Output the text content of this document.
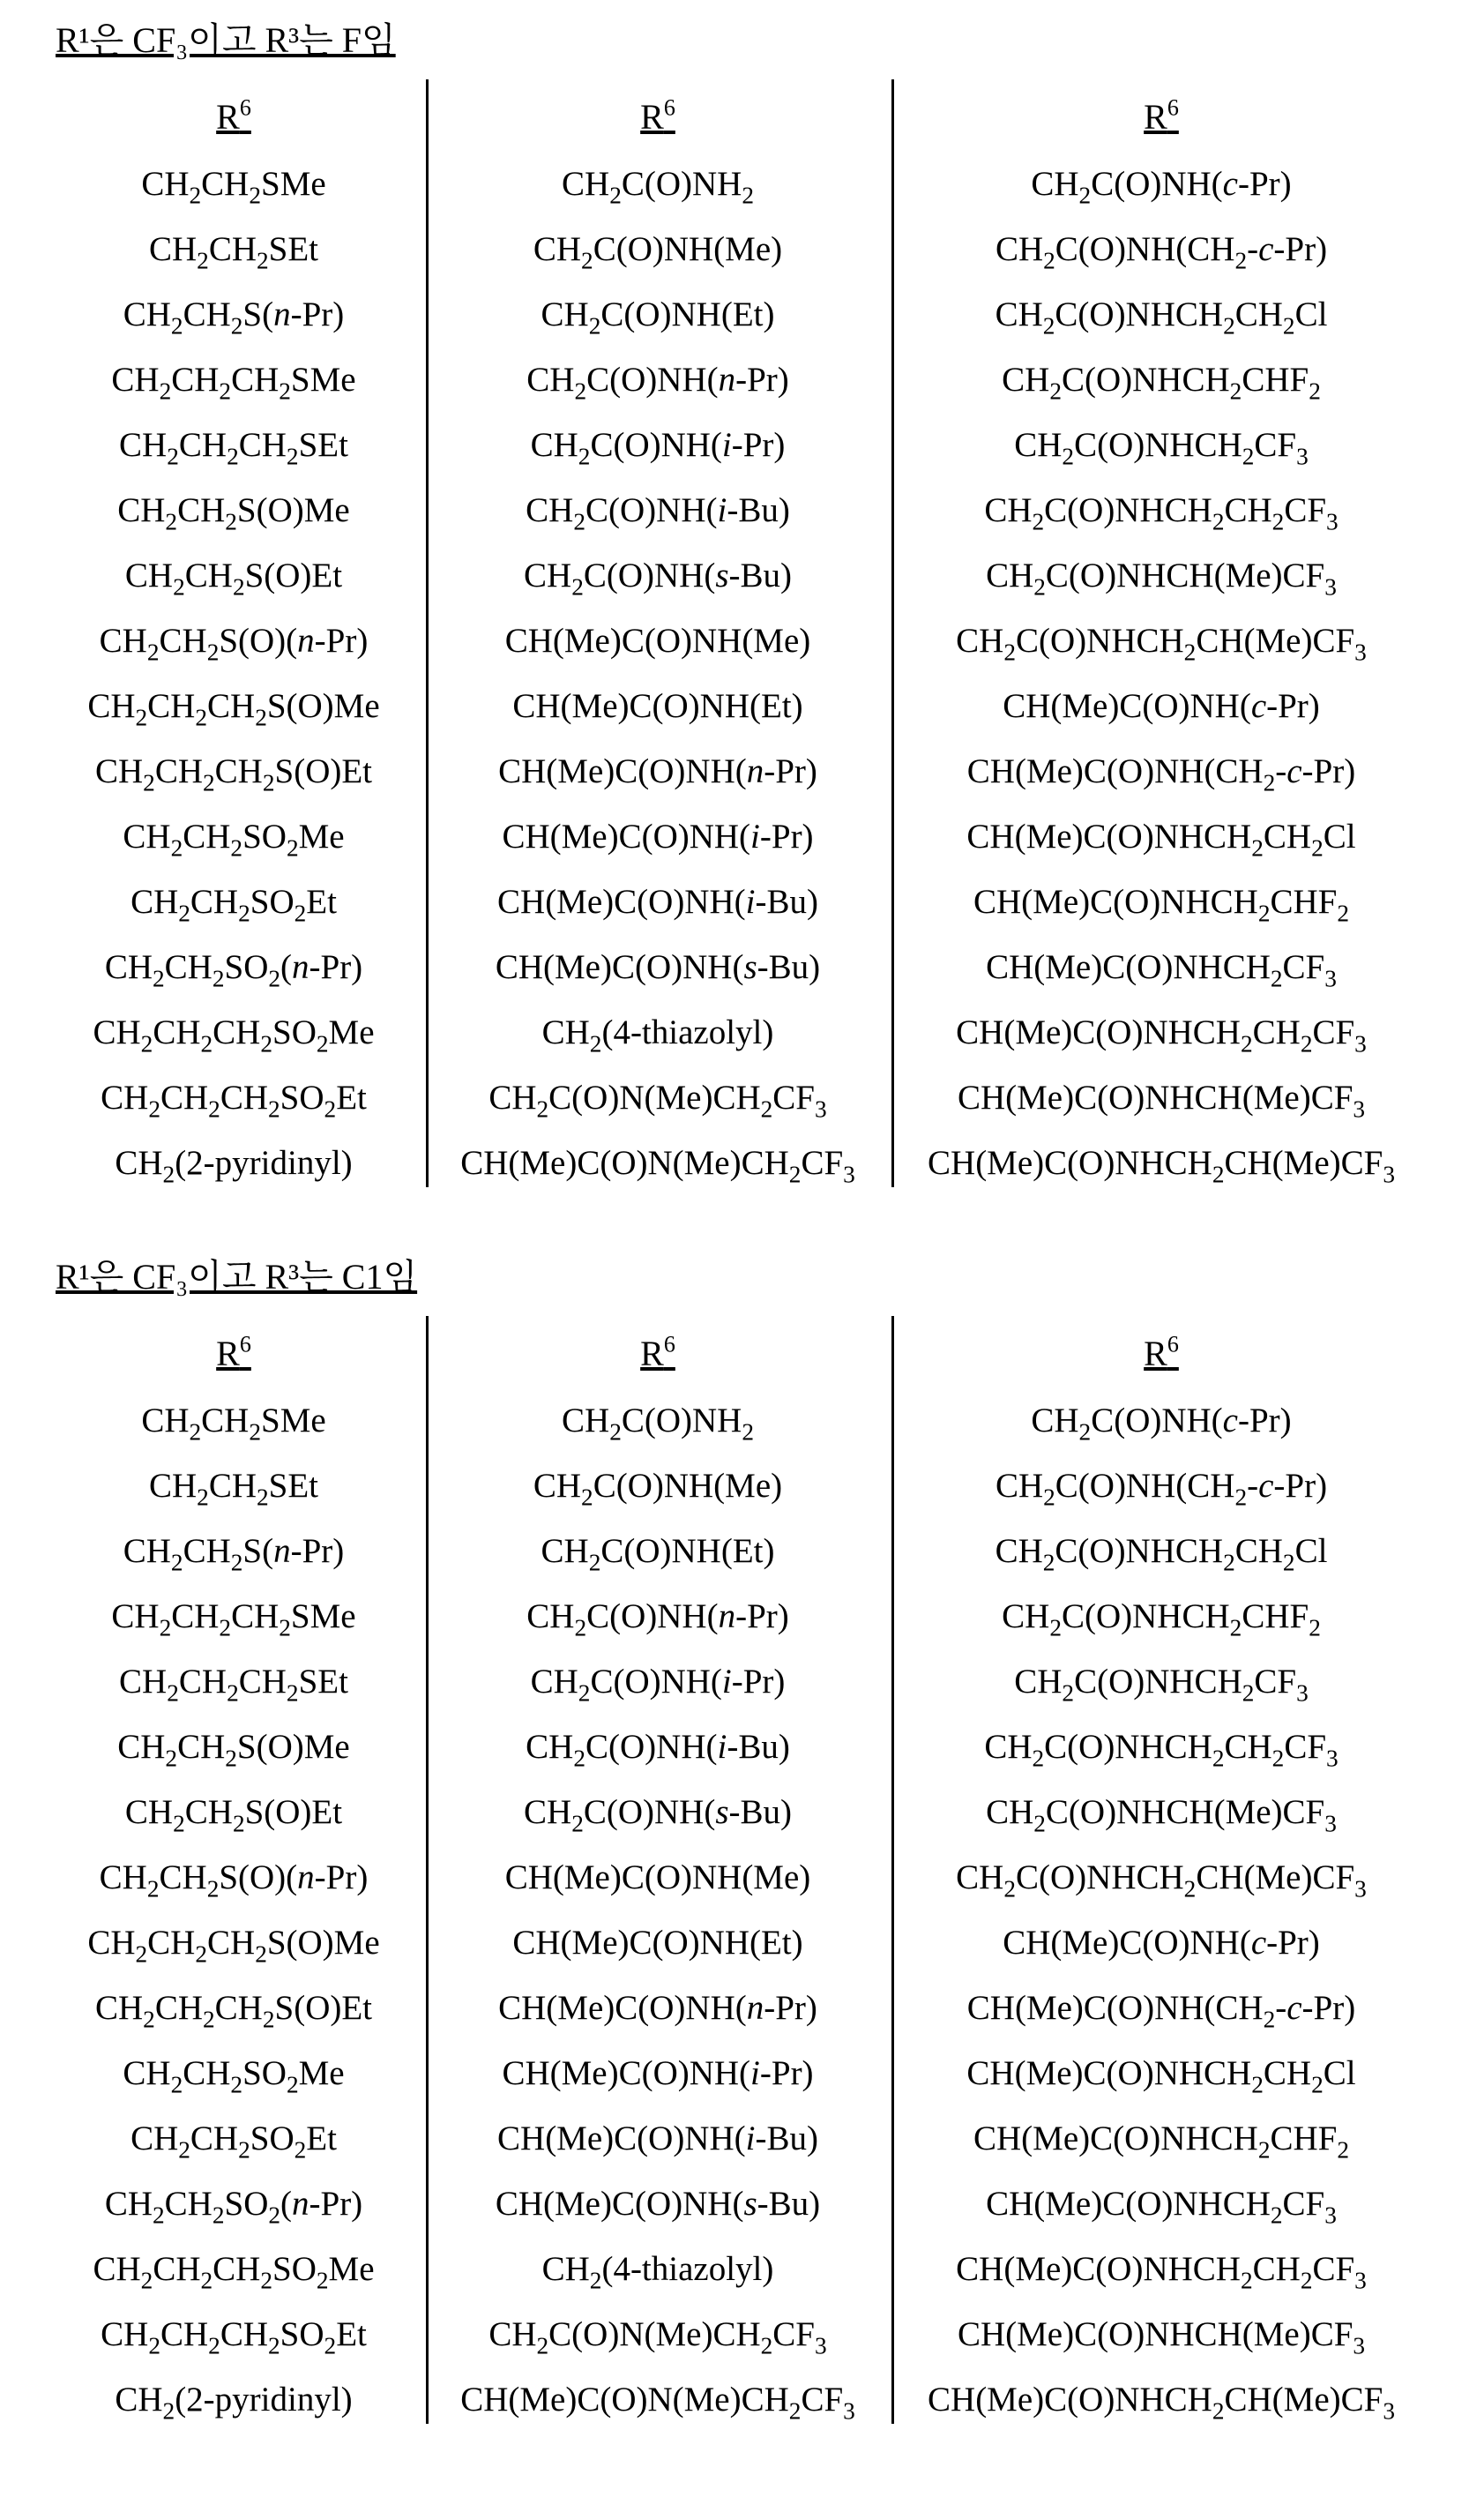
R¹은 CF₃이고 R³는 F임
R6
CH2CH2SMe
CH2CH2SEt
CH2CH2S(n-Pr)
CH2CH2CH2SMe
CH2CH2CH2SEt
CH2CH2S(O)Me
CH2CH2S(O)Et
CH2CH2S(O)(n-Pr)
CH2CH2CH2S(O)Me
CH2CH2CH2S(O)Et
CH2CH2SO2Me
CH2CH2SO2Et
CH2CH2SO2(n-Pr)
CH2CH2CH2SO2Me
CH2CH2CH2SO2Et
CH2(2-pyridinyl)
R6
CH2C(O)NH2
CH2C(O)NH(Me)
CH2C(O)NH(Et)
CH2C(O)NH(n-Pr)
CH2C(O)NH(i-Pr)
CH2C(O)NH(i-Bu)
CH2C(O)NH(s-Bu)
CH(Me)C(O)NH(Me)
CH(Me)C(O)NH(Et)
CH(Me)C(O)NH(n-Pr)
CH(Me)C(O)NH(i-Pr)
CH(Me)C(O)NH(i-Bu)
CH(Me)C(O)NH(s-Bu)
CH2(4-thiazolyl)
CH2C(O)N(Me)CH2CF3
CH(Me)C(O)N(Me)CH2CF3
R6
CH2C(O)NH(c-Pr)
CH2C(O)NH(CH2-c-Pr)
CH2C(O)NHCH2CH2Cl
CH2C(O)NHCH2CHF2
CH2C(O)NHCH2CF3
CH2C(O)NHCH2CH2CF3
CH2C(O)NHCH(Me)CF3
CH2C(O)NHCH2CH(Me)CF3
CH(Me)C(O)NH(c-Pr)
CH(Me)C(O)NH(CH2-c-Pr)
CH(Me)C(O)NHCH2CH2Cl
CH(Me)C(O)NHCH2CHF2
CH(Me)C(O)NHCH2CF3
CH(Me)C(O)NHCH2CH2CF3
CH(Me)C(O)NHCH(Me)CF3
CH(Me)C(O)NHCH2CH(Me)CF3
R¹은 CF₃이고 R³는 C1임
R6
CH2CH2SMe
CH2CH2SEt
CH2CH2S(n-Pr)
CH2CH2CH2SMe
CH2CH2CH2SEt
CH2CH2S(O)Me
CH2CH2S(O)Et
CH2CH2S(O)(n-Pr)
CH2CH2CH2S(O)Me
CH2CH2CH2S(O)Et
CH2CH2SO2Me
CH2CH2SO2Et
CH2CH2SO2(n-Pr)
CH2CH2CH2SO2Me
CH2CH2CH2SO2Et
CH2(2-pyridinyl)
R6
CH2C(O)NH2
CH2C(O)NH(Me)
CH2C(O)NH(Et)
CH2C(O)NH(n-Pr)
CH2C(O)NH(i-Pr)
CH2C(O)NH(i-Bu)
CH2C(O)NH(s-Bu)
CH(Me)C(O)NH(Me)
CH(Me)C(O)NH(Et)
CH(Me)C(O)NH(n-Pr)
CH(Me)C(O)NH(i-Pr)
CH(Me)C(O)NH(i-Bu)
CH(Me)C(O)NH(s-Bu)
CH2(4-thiazolyl)
CH2C(O)N(Me)CH2CF3
CH(Me)C(O)N(Me)CH2CF3
R6
CH2C(O)NH(c-Pr)
CH2C(O)NH(CH2-c-Pr)
CH2C(O)NHCH2CH2Cl
CH2C(O)NHCH2CHF2
CH2C(O)NHCH2CF3
CH2C(O)NHCH2CH2CF3
CH2C(O)NHCH(Me)CF3
CH2C(O)NHCH2CH(Me)CF3
CH(Me)C(O)NH(c-Pr)
CH(Me)C(O)NH(CH2-c-Pr)
CH(Me)C(O)NHCH2CH2Cl
CH(Me)C(O)NHCH2CHF2
CH(Me)C(O)NHCH2CF3
CH(Me)C(O)NHCH2CH2CF3
CH(Me)C(O)NHCH(Me)CF3
CH(Me)C(O)NHCH2CH(Me)CF3
